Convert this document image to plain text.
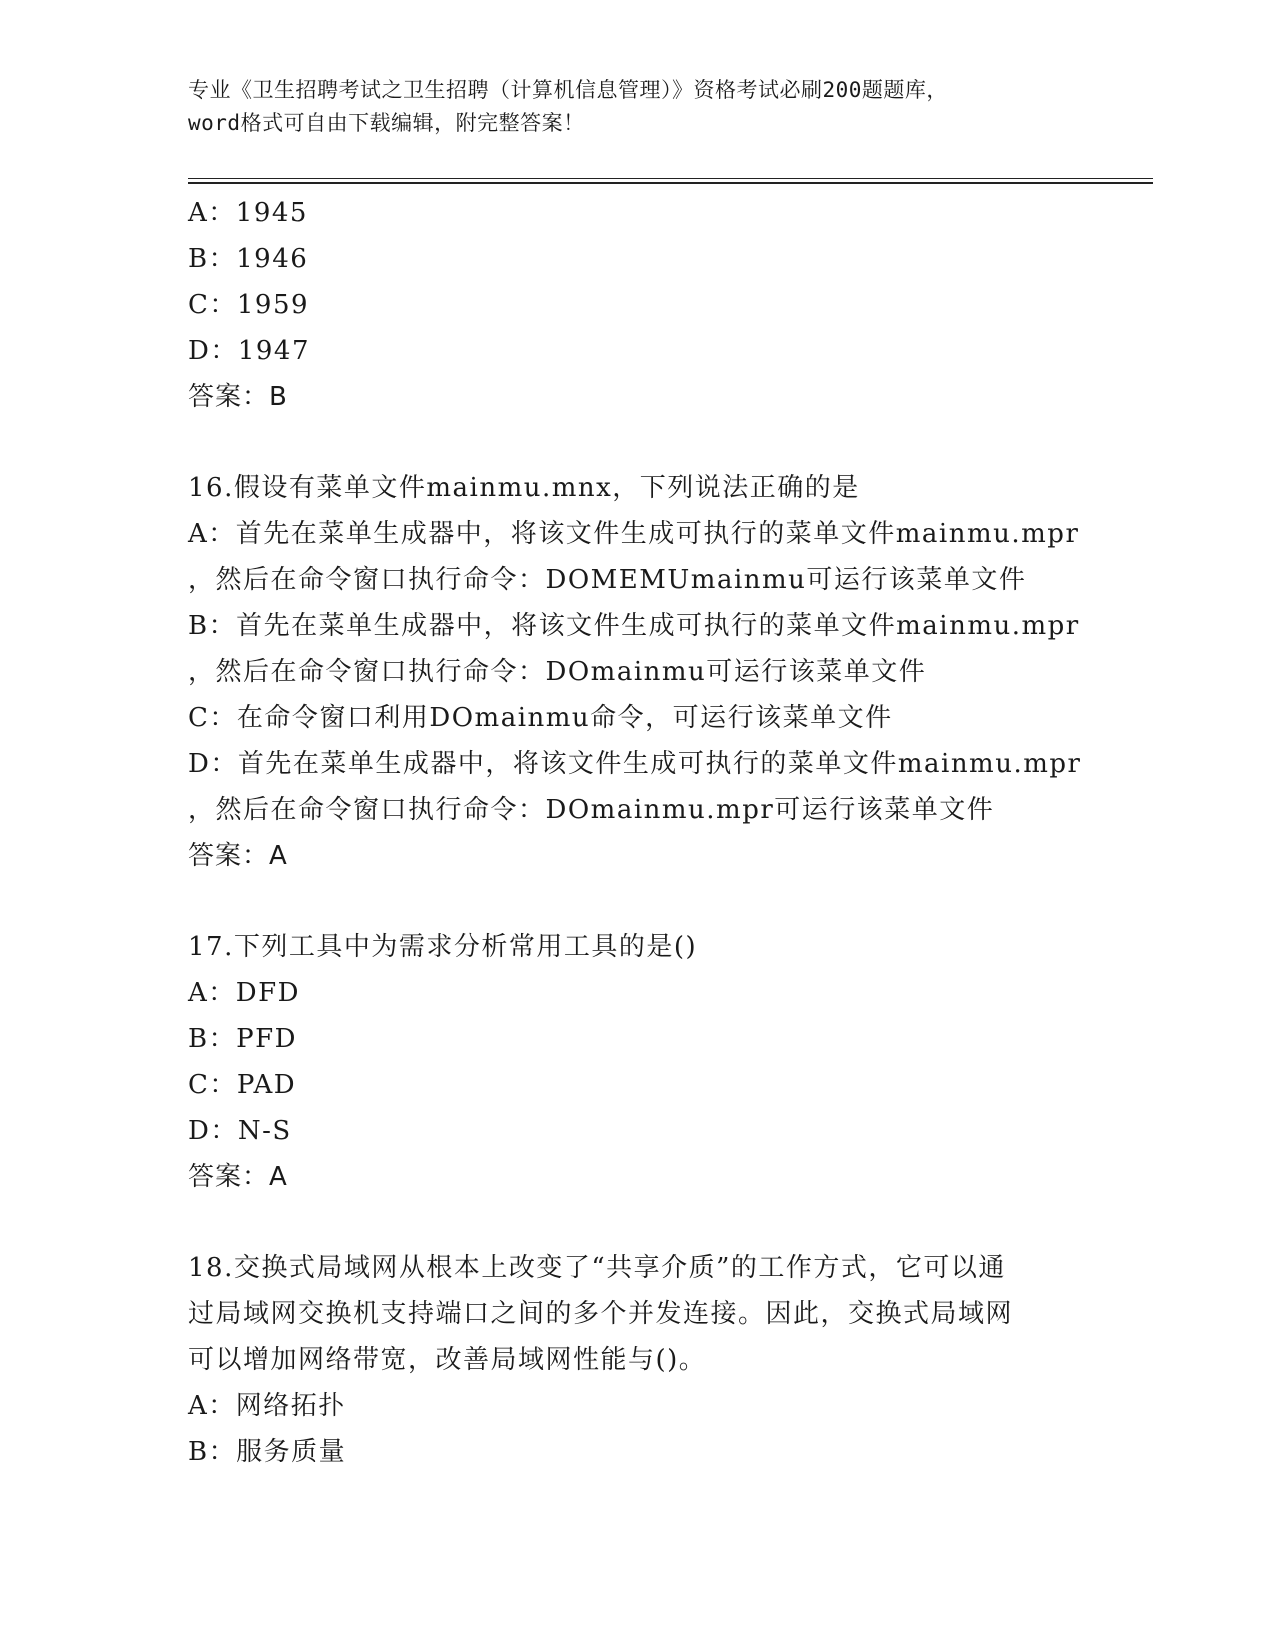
专业《卫生招聘考试之卫生招聘（计算机信息管理）》资格考试必刷200题题库，
word格式可自由下载编辑，附完整答案！
A：1945
B：1946
C：1959
D：1947
答案：B
16.假设有菜单文件mainmu.mnx，下列说法正确的是
A：首先在菜单生成器中，将该文件生成可执行的菜单文件mainmu.mpr
，然后在命令窗口执行命令：DOMEMUmainmu可运行该菜单文件
B：首先在菜单生成器中，将该文件生成可执行的菜单文件mainmu.mpr
，然后在命令窗口执行命令：DOmainmu可运行该菜单文件
C：在命令窗口利用DOmainmu命令，可运行该菜单文件
D：首先在菜单生成器中，将该文件生成可执行的菜单文件mainmu.mpr
，然后在命令窗口执行命令：DOmainmu.mpr可运行该菜单文件
答案：A
17.下列工具中为需求分析常用工具的是()
A：DFD
B：PFD
C：PAD
D：N-S
答案：A
18.交换式局域网从根本上改变了“共享介质”的工作方式，它可以通
过局域网交换机支持端口之间的多个并发连接。因此，交换式局域网
可以增加网络带宽，改善局域网性能与()。
A：网络拓扑
B：服务质量
